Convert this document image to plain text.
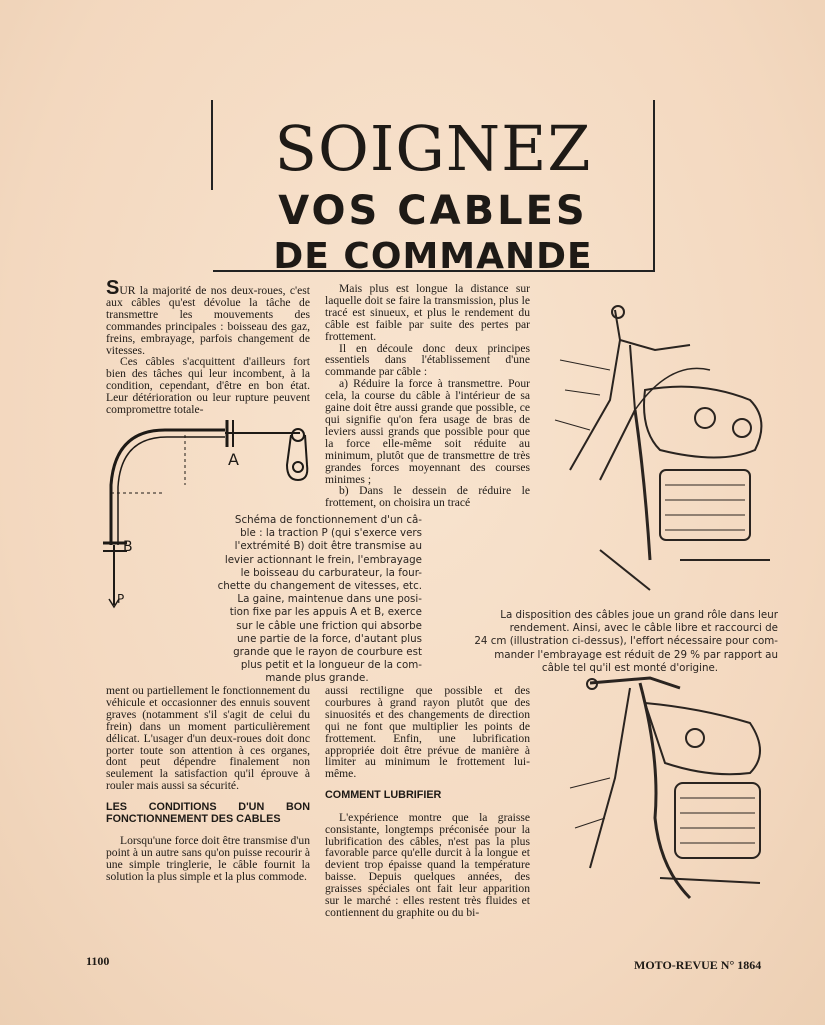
SOIGNEZ
VOS CABLES
DE COMMANDE

SUR la majorité de nos deux-roues, c'est aux câbles qu'est dévolue la tâche de transmettre les mouvements des commandes principales : boisseau des gaz, freins, embrayage, parfois changement de vitesses.

Ces câbles s'acquittent d'ailleurs fort bien des tâches qui leur incombent, à la condition, cependant, d'être en bon état. Leur détérioration ou leur rupture peuvent compromettre totale-

Mais plus est longue la distance sur laquelle doit se faire la transmission, plus le tracé est sinueux, et plus le rendement du câble est faible par suite des pertes par frottement.

Il en découle donc deux principes essentiels dans l'établissement d'une commande par câble :

a) Réduire la force à transmettre. Pour cela, la course du câble à l'intérieur de sa gaine doit être aussi grande que possible, ce qui signifie qu'on fera usage de bras de leviers aussi grands que possible pour que la force elle-même soit réduite au minimum, plutôt que de transmettre de très grandes forces moyennant des courses minimes ;

b) Dans le dessein de réduire le frottement, on choisira un tracé

A
B
P
Schéma de fonctionnement d'un câ-
ble : la traction P (qui s'exerce vers
l'extrémité B) doit être transmise au
levier actionnant le frein, l'embrayage
le boisseau du carburateur, la four-
chette du changement de vitesses, etc.
La gaine, maintenue dans une posi-
tion fixe par les appuis A et B, exerce
sur le câble une friction qui absorbe
une partie de la force, d'autant plus
grande que le rayon de courbure est
plus petit et la longueur de la com-
mande plus grande.
La disposition des câbles joue un grand rôle dans leur
rendement. Ainsi, avec le câble libre et raccourci de
24 cm (illustration ci-dessus), l'effort nécessaire pour com-
mander l'embrayage est réduit de 29 % par rapport au
câble tel qu'il est monté d'origine.

ment ou partiellement le fonctionnement du véhicule et occasionner des ennuis souvent graves (notamment s'il s'agit de celui du frein) dans un moment particulièrement délicat. L'usager d'un deux-roues doit donc porter toute son attention à ces organes, dont peut dépendre finalement non seulement la satisfaction qu'il éprouve à rouler mais aussi sa sécurité.

LES CONDITIONS D'UN BON FONCTIONNEMENT DES CABLES

Lorsqu'une force doit être transmise d'un point à un autre sans qu'on puisse recourir à une simple tringlerie, le câble fournit la solution la plus simple et la plus commode.

aussi rectiligne que possible et des courbures à grand rayon plutôt que des sinuosités et des changements de direction qui ne font que multiplier les points de frottement. Enfin, une lubrification appropriée doit être prévue de manière à limiter au minimum le frottement lui-même.

COMMENT LUBRIFIER

L'expérience montre que la graisse consistante, longtemps préconisée pour la lubrification des câbles, n'est pas la plus favorable parce qu'elle durcit à la longue et devient trop épaisse quand la température baisse. Depuis quelques années, des graisses spéciales ont fait leur apparition sur le marché : elles restent très fluides et contiennent du graphite ou du bi-

1100	MOTO-REVUE N° 1864
